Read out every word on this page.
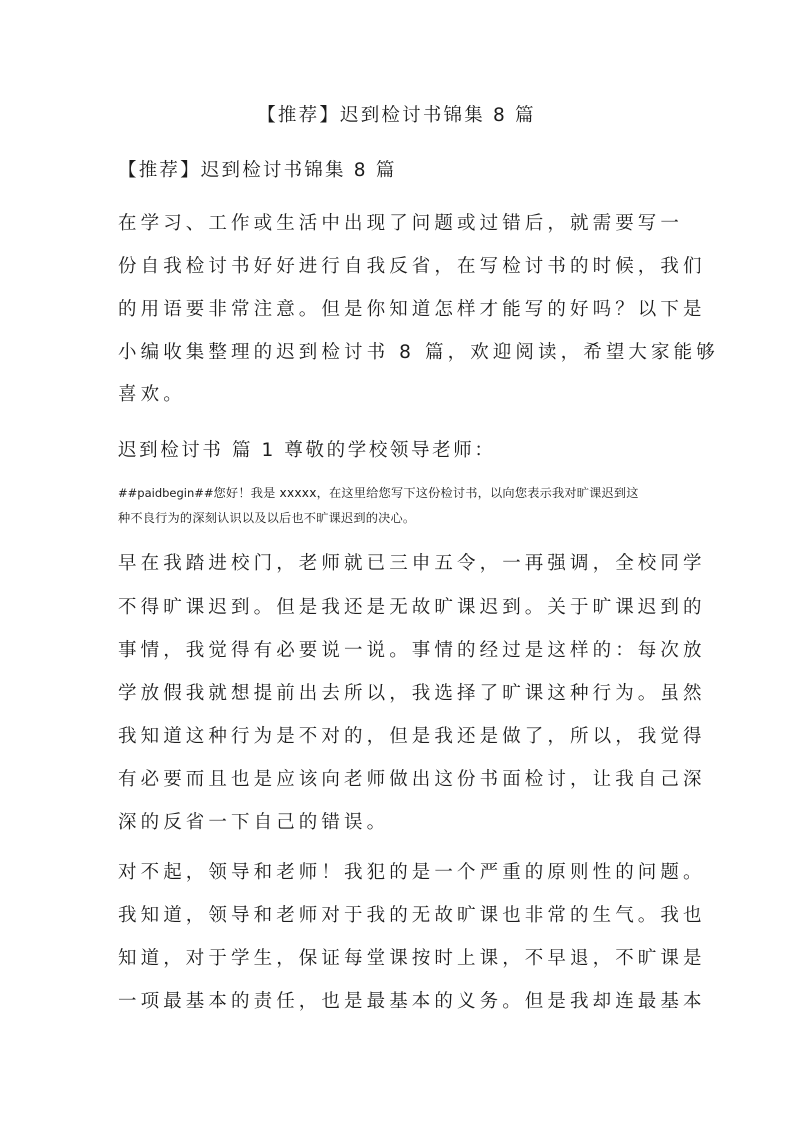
【推荐】迟到检讨书锦集 8 篇
【推荐】迟到检讨书锦集 8 篇
在学习、工作或生活中出现了问题或过错后，就需要写一
份自我检讨书好好进行自我反省，在写检讨书的时候，我们
的用语要非常注意。但是你知道怎样才能写的好吗？以下是
小编收集整理的迟到检讨书 8 篇，欢迎阅读，希望大家能够
喜欢。
迟到检讨书 篇 1 尊敬的学校领导老师：
##paidbegin##您好！我是 xxxxx，在这里给您写下这份检讨书，以向您表示我对旷课迟到这
种不良行为的深刻认识以及以后也不旷课迟到的决心。
早在我踏进校门，老师就已三申五令，一再强调，全校同学
不得旷课迟到。但是我还是无故旷课迟到。关于旷课迟到的
事情，我觉得有必要说一说。事情的经过是这样的：每次放
学放假我就想提前出去所以，我选择了旷课这种行为。虽然
我知道这种行为是不对的，但是我还是做了，所以，我觉得
有必要而且也是应该向老师做出这份书面检讨，让我自己深
深的反省一下自己的错误。
对不起，领导和老师！我犯的是一个严重的原则性的问题。
我知道，领导和老师对于我的无故旷课也非常的生气。我也
知道，对于学生，保证每堂课按时上课，不早退，不旷课是
一项最基本的责任，也是最基本的义务。但是我却连最基本
